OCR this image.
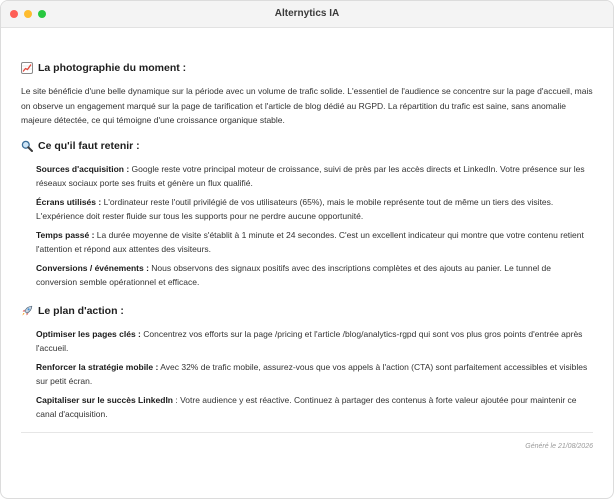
Alternytics IA
La photographie du moment :

Le site bénéficie d'une belle dynamique sur la période avec un volume de trafic solide. L'essentiel de l'audience se concentre sur la page d'accueil, mais on observe un engagement marqué sur la page de tarification et l'article de blog dédié au RGPD. La répartition du trafic est saine, sans anomalie majeure détectée, ce qui témoigne d'une croissance organique stable.

Ce qu'il faut retenir :

Sources d'acquisition : Google reste votre principal moteur de croissance, suivi de près par les accès directs et LinkedIn. Votre présence sur les réseaux sociaux porte ses fruits et génère un flux qualifié.

Écrans utilisés : L'ordinateur reste l'outil privilégié de vos utilisateurs (65%), mais le mobile représente tout de même un tiers des visites. L'expérience doit rester fluide sur tous les supports pour ne perdre aucune opportunité.

Temps passé : La durée moyenne de visite s'établit à 1 minute et 24 secondes. C'est un excellent indicateur qui montre que votre contenu retient l'attention et répond aux attentes des visiteurs.

Conversions / événements : Nous observons des signaux positifs avec des inscriptions complètes et des ajouts au panier. Le tunnel de conversion semble opérationnel et efficace.

Le plan d'action :

Optimiser les pages clés : Concentrez vos efforts sur la page /pricing et l'article /blog/analytics-rgpd qui sont vos plus gros points d'entrée après l'accueil.

Renforcer la stratégie mobile : Avec 32% de trafic mobile, assurez-vous que vos appels à l'action (CTA) sont parfaitement accessibles et visibles sur petit écran.

Capitaliser sur le succès LinkedIn : Votre audience y est réactive. Continuez à partager des contenus à forte valeur ajoutée pour maintenir ce canal d'acquisition.

Généré le 21/08/2026
